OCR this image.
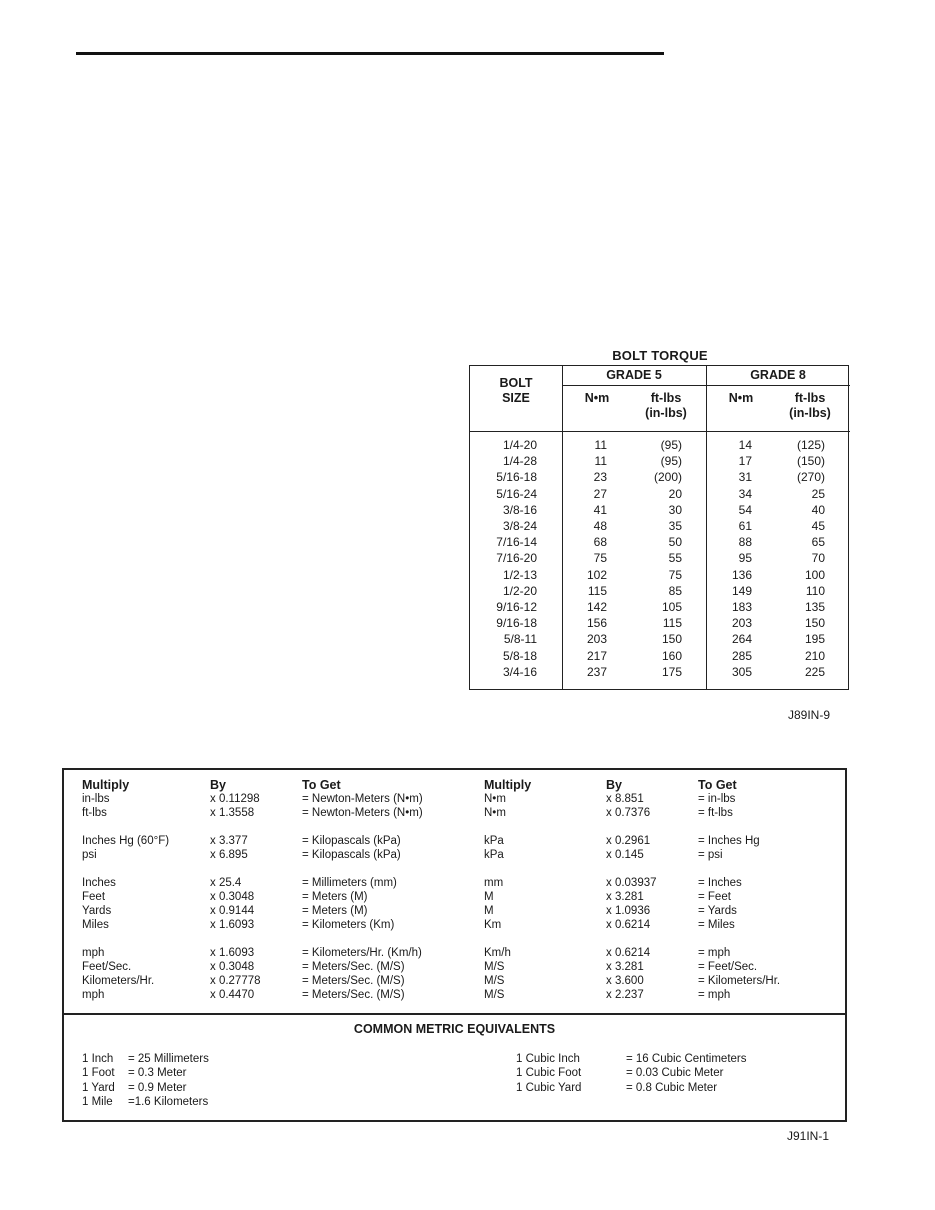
BOLT TORQUE
BOLT
SIZE
GRADE 5	GRADE 8
N•m	ft-lbs
(in-lbs)
N•m	ft-lbs
(in-lbs)
1/4-20	11	(95)	14	(125)
1/4-28	11	(95)	17	(150)
5/16-18	23	(200)	31	(270)
5/16-24	27	20	34	25
3/8-16	41	30	54	40
3/8-24	48	35	61	45
7/16-14	68	50	88	65
7/16-20	75	55	95	70
1/2-13	102	75	136	100
1/2-20	115	85	149	110
9/16-12	142	105	183	135
9/16-18	156	115	203	150
5/8-11	203	150	264	195
5/8-18	217	160	285	210
3/4-16	237	175	305	225
J89IN-9
Multiply	By	To Get	Multiply	By	To Get
in-lbs	x 0.11298	= Newton-Meters (N•m)	N•m	x 8.851	= in-lbs
ft-lbs	x 1.3558	= Newton-Meters (N•m)	N•m	x 0.7376	= ft-lbs
Inches Hg (60°F)	x 3.377	= Kilopascals (kPa)	kPa	x 0.2961	= Inches Hg
psi	x 6.895	= Kilopascals (kPa)	kPa	x 0.145	= psi
Inches	x 25.4	= Millimeters (mm)	mm	x 0.03937	= Inches
Feet	x 0.3048	= Meters (M)	M	x 3.281	= Feet
Yards	x 0.9144	= Meters (M)	M	x 1.0936	= Yards
Miles	x 1.6093	= Kilometers (Km)	Km	x 0.6214	= Miles
mph	x 1.6093	= Kilometers/Hr. (Km/h)	Km/h	x 0.6214	= mph
Feet/Sec.	x 0.3048	= Meters/Sec. (M/S)	M/S	x 3.281	= Feet/Sec.
Kilometers/Hr.	x 0.27778	= Meters/Sec. (M/S)	M/S	x 3.600	= Kilometers/Hr.
mph	x 0.4470	= Meters/Sec. (M/S)	M/S	x 2.237	= mph
COMMON METRIC EQUIVALENTS
1 Inch = 25 Millimeters
1 Foot = 0.3 Meter
1 Yard = 0.9 Meter
1 Mile =1.6 Kilometers
1 Cubic Inch	= 16 Cubic Centimeters
1 Cubic Foot	= 0.03 Cubic Meter
1 Cubic Yard	= 0.8 Cubic Meter
J91IN-1
